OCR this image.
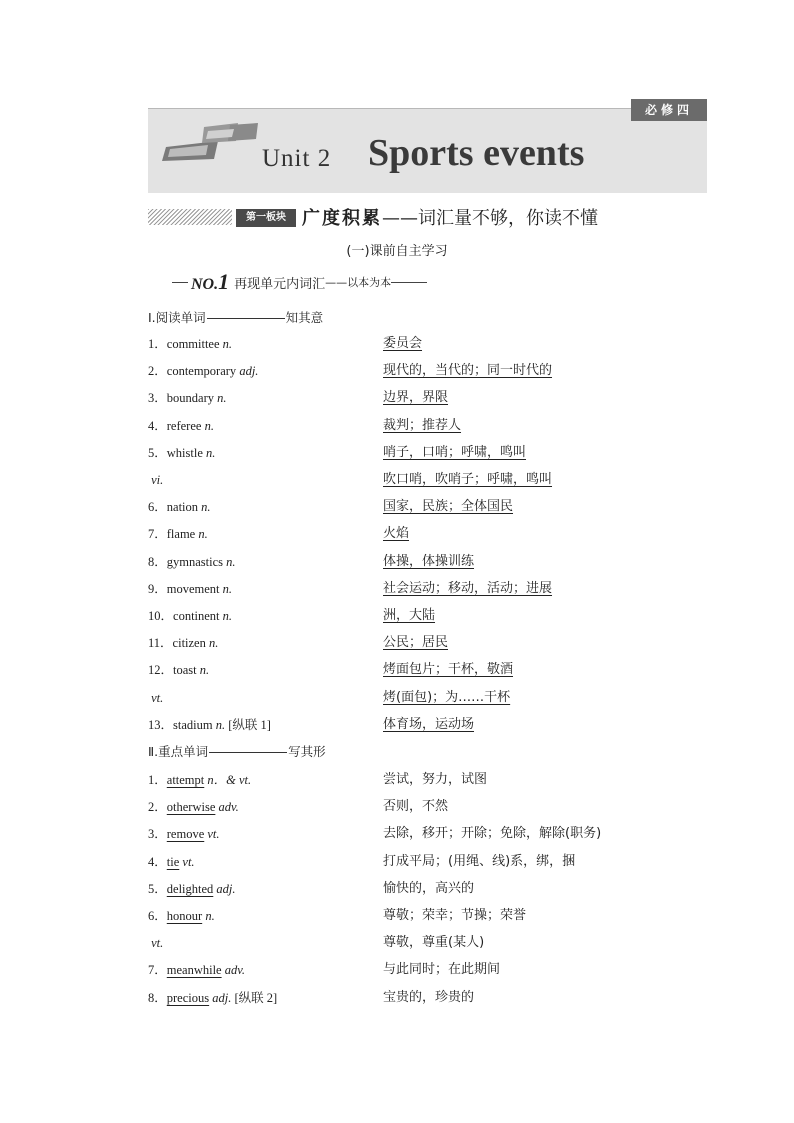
必修四
Unit 2 Sports events
第一板块 广度积累——词汇量不够，你读不懂
(一)课前自主学习
NO.1 再现单元内词汇 ——以本为本
Ⅰ.阅读单词	知其意
1．committee n.	委员会
2．contemporary adj.	现代的，当代的；同一时代的
3．boundary n.	边界，界限
4．referee n.	裁判；推荐人
5．whistle n.	哨子，口哨；呼啸，鸣叫
vi.	吹口哨，吹哨子；呼啸，鸣叫
6．nation n.	国家，民族；全体国民
7．flame n.	火焰
8．gymnastics n.	体操，体操训练
9．movement n.	社会运动；移动，活动；进展
10．continent n.	洲，大陆
11．citizen n.	公民；居民
12．toast n.	烤面包片；干杯，敬酒
vt.	烤(面包)；为……干杯
13．stadium n. [纵联 1]	体育场，运动场
Ⅱ.重点单词	写其形
1．attempt n．& vt.	尝试，努力，试图
2．otherwise adv.	否则，不然
3．remove vt.	去除，移开；开除；免除，解除(职务)
4．tie vt.	打成平局；(用绳、线)系，绑，捆
5．delighted adj.	愉快的，高兴的
6．honour n.	尊敬；荣幸；节操；荣誉
vt.	尊敬，尊重(某人)
7．meanwhile adv.	与此同时；在此期间
8．precious adj. [纵联 2]	宝贵的，珍贵的
